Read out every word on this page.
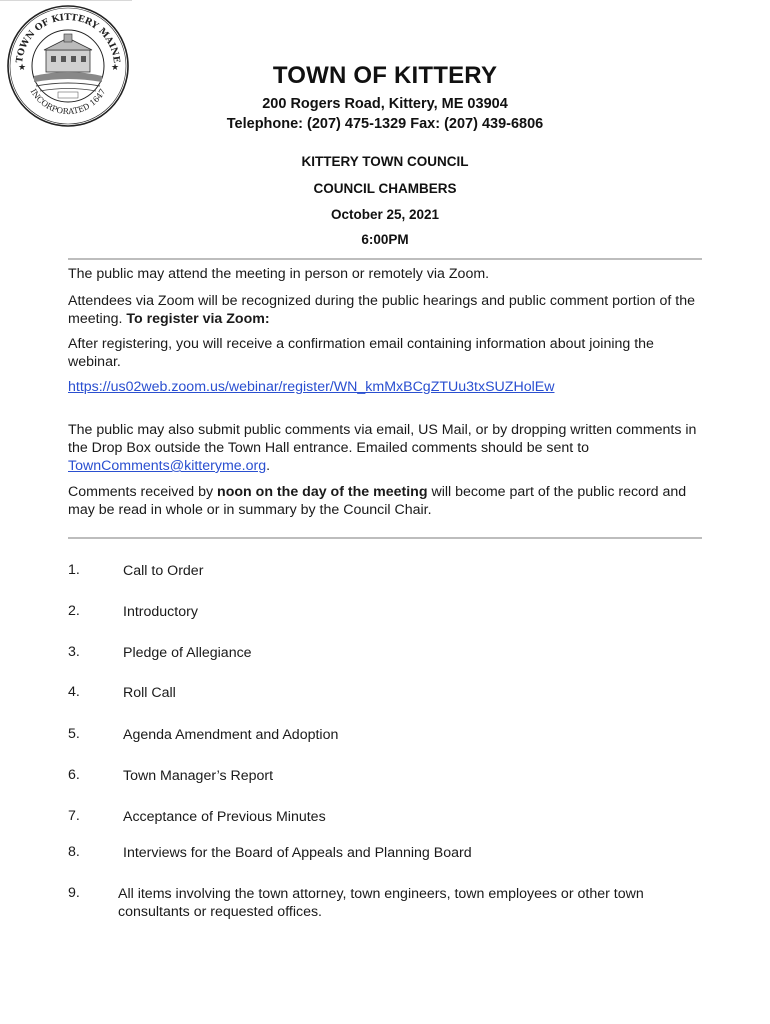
TOWN OF KITTERY MAINE
INCORPORATED 1647
★	★	TOWN OF KITTERY
200 Rogers Road, Kittery, ME 03904
Telephone: (207) 475-1329 Fax: (207) 439-6806
KITTERY TOWN COUNCIL
COUNCIL CHAMBERS
October 25, 2021
6:00PM
The public may attend the meeting in person or remotely via Zoom.
Attendees via Zoom will be recognized during the public hearings and public comment portion of the meeting. To register via Zoom:
After registering, you will receive a confirmation email containing information about joining the webinar.
https://us02web.zoom.us/webinar/register/WN_kmMxBCgZTUu3txSUZHolEw
The public may also submit public comments via email, US Mail, or by dropping written comments in the Drop Box outside the Town Hall entrance. Emailed comments should be sent to TownComments@kitteryme.org.
Comments received by noon on the day of the meeting will become part of the public record and may be read in whole or in summary by the Council Chair.
1.	Call to Order
2.	Introductory
3.	Pledge of Allegiance
4.	Roll Call
5.	Agenda Amendment and Adoption
6.	Town Manager’s Report
7.	Acceptance of Previous Minutes
8.	Interviews for the Board of Appeals and Planning Board
9.	All items involving the town attorney, town engineers, town employees or other town consultants or requested offices.
